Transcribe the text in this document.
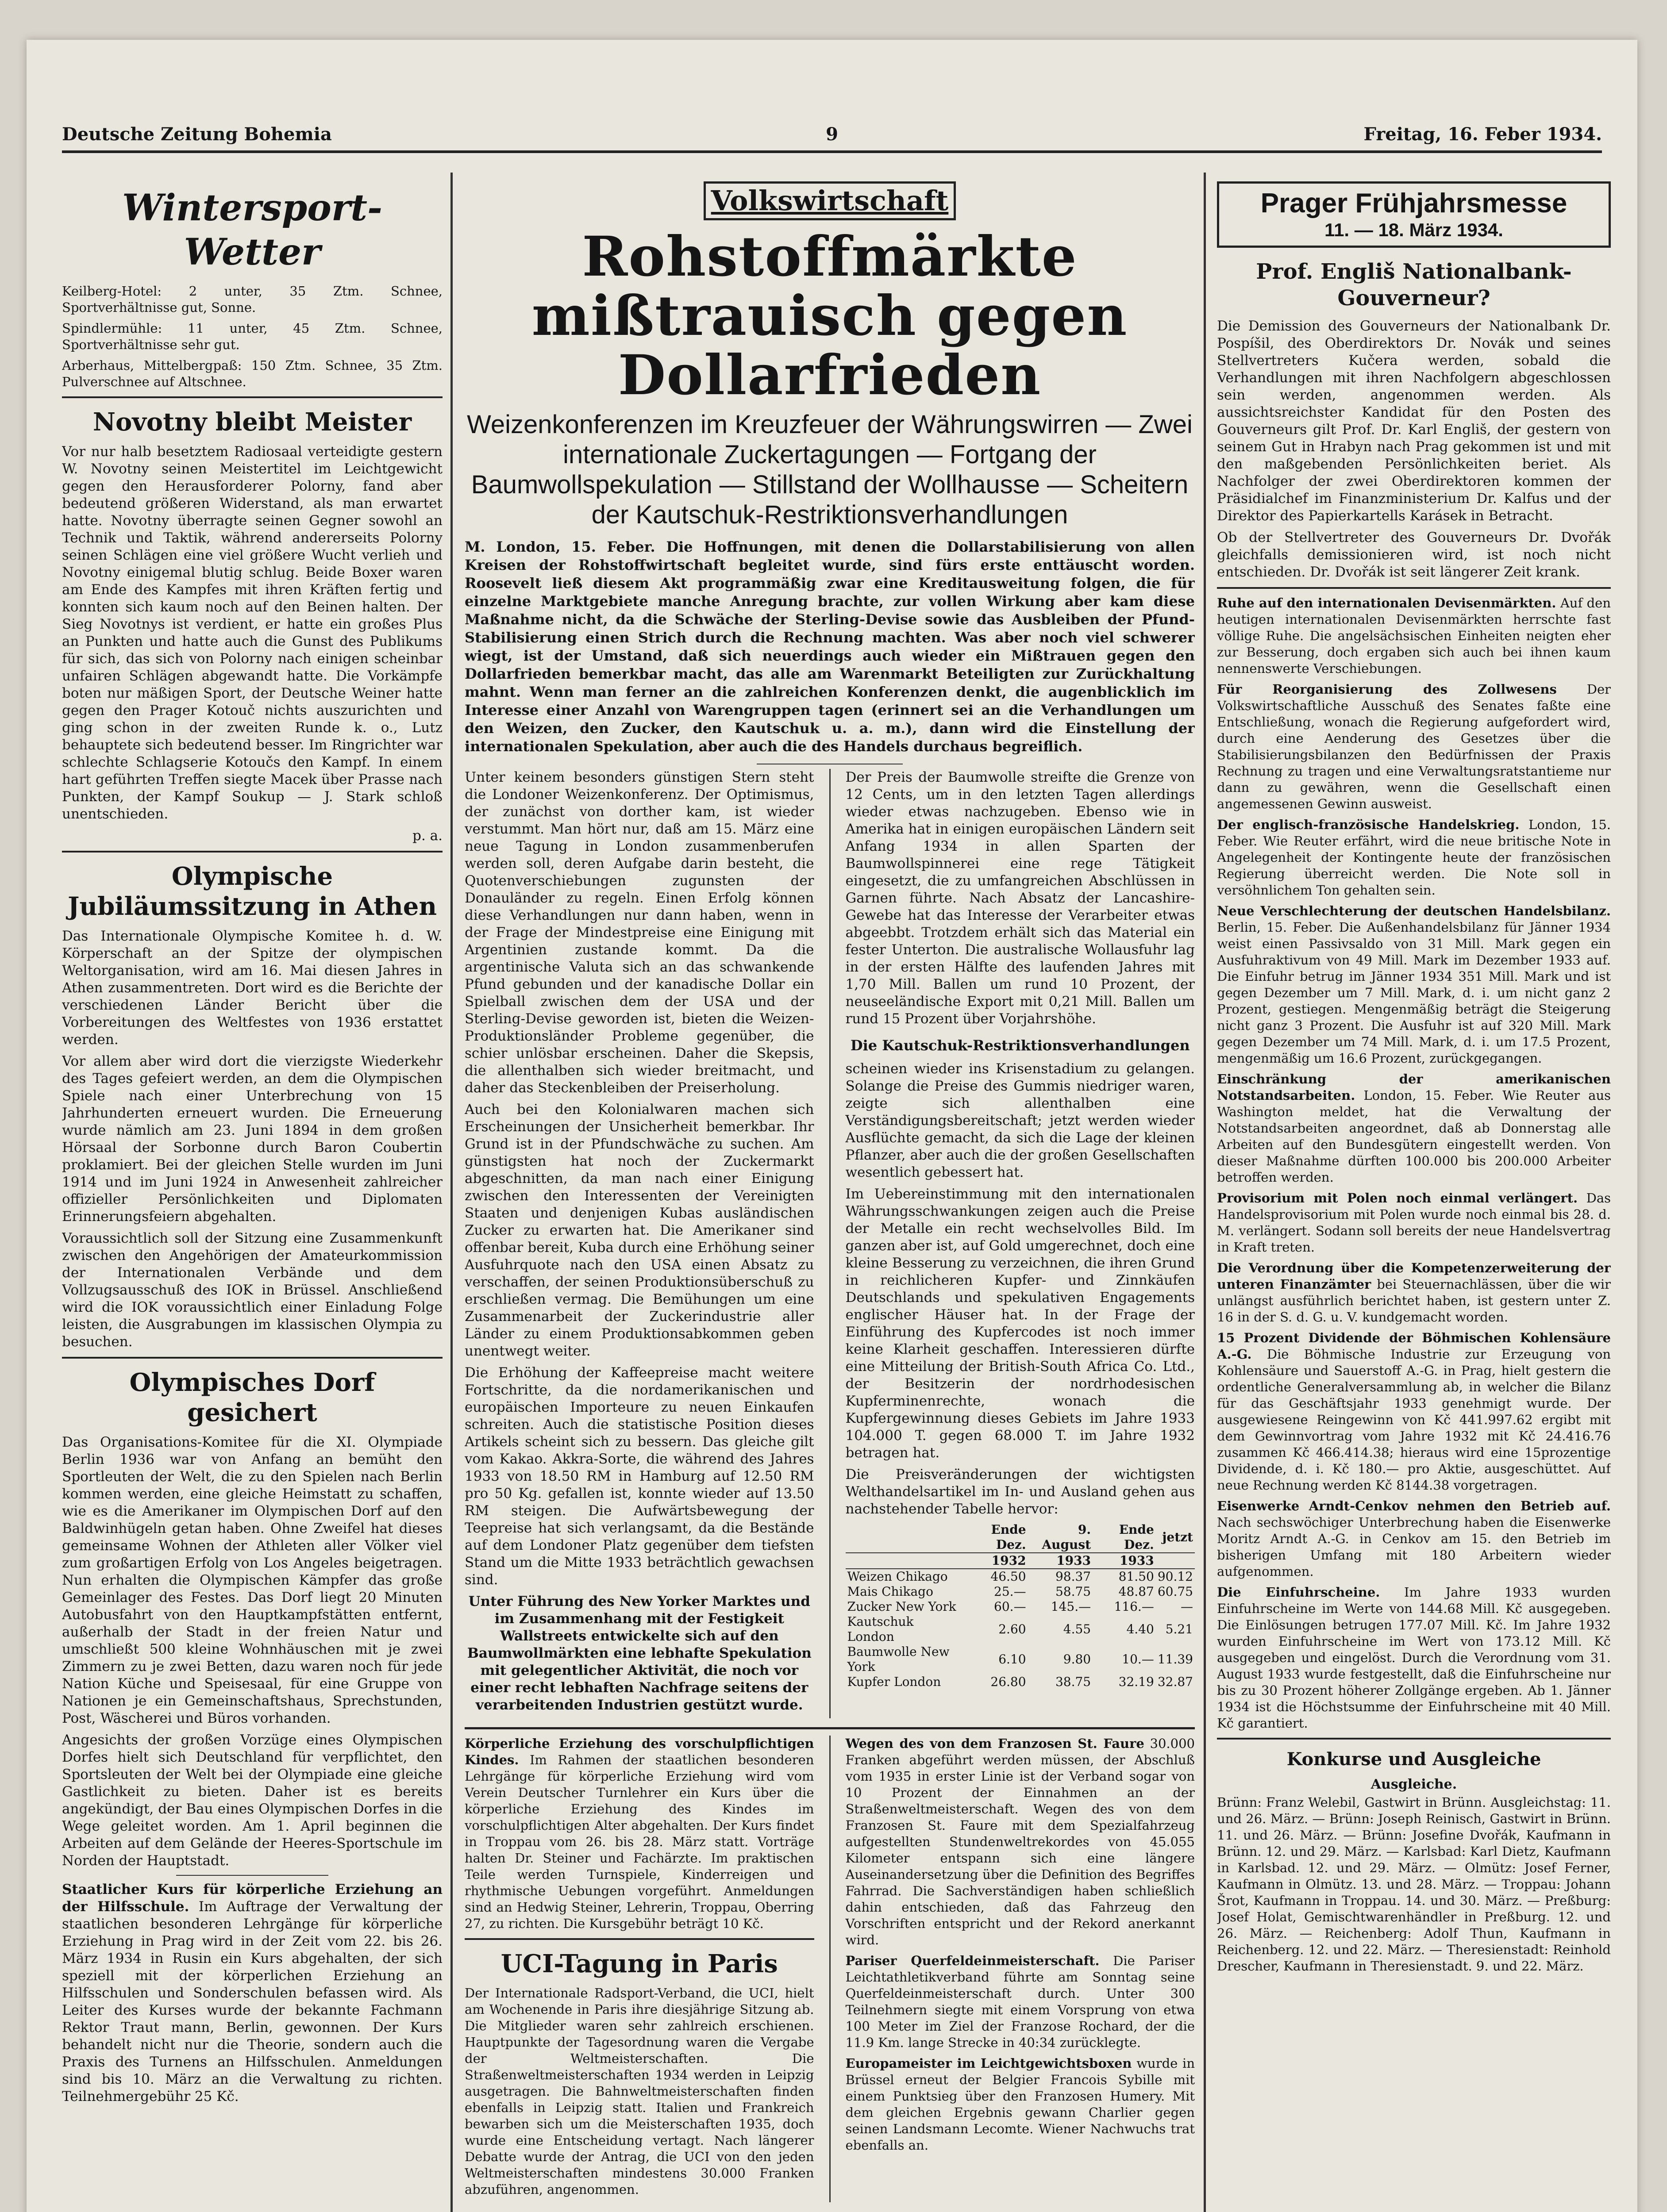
Deutsche Zeitung Bohemia	9	Freitag, 16. Feber 1934.
Wintersport-Wetter

Keilberg-Hotel: 2 unter, 35 Ztm. Schnee, Sportverhältnisse gut, Sonne.

Spindlermühle: 11 unter, 45 Ztm. Schnee, Sportverhältnisse sehr gut.

Arberhaus, Mittelbergpaß: 150 Ztm. Schnee, 35 Ztm. Pulverschnee auf Altschnee.

Novotny bleibt Meister

Vor nur halb besetztem Radiosaal verteidigte gestern W. Novotny seinen Meistertitel im Leichtgewicht gegen den Herausforderer Polorny, fand aber bedeutend größeren Widerstand, als man erwartet hatte. Novotny überragte seinen Gegner sowohl an Technik und Taktik, während andererseits Polorny seinen Schlägen eine viel größere Wucht verlieh und Novotny einigemal blutig schlug. Beide Boxer waren am Ende des Kampfes mit ihren Kräften fertig und konnten sich kaum noch auf den Beinen halten. Der Sieg Novotnys ist verdient, er hatte ein großes Plus an Punkten und hatte auch die Gunst des Publikums für sich, das sich von Polorny nach einigen scheinbar unfairen Schlägen abgewandt hatte. Die Vorkämpfe boten nur mäßigen Sport, der Deutsche Weiner hatte gegen den Prager Kotouč nichts auszurichten und ging schon in der zweiten Runde k. o., Lutz behauptete sich bedeutend besser. Im Ringrichter war schlechte Schlagserie Kotoučs den Kampf. In einem hart geführten Treffen siegte Macek über Prasse nach Punkten, der Kampf Soukup — J. Stark schloß unentschieden.

p. a.

Olympische Jubiläumssitzung in Athen

Das Internationale Olympische Komitee h. d. W. Körperschaft an der Spitze der olympischen Weltorganisation, wird am 16. Mai diesen Jahres in Athen zusammentreten. Dort wird es die Berichte der verschiedenen Länder Bericht über die Vorbereitungen des Weltfestes von 1936 erstattet werden.

Vor allem aber wird dort die vierzigste Wiederkehr des Tages gefeiert werden, an dem die Olympischen Spiele nach einer Unterbrechung von 15 Jahrhunderten erneuert wurden. Die Erneuerung wurde nämlich am 23. Juni 1894 in dem großen Hörsaal der Sorbonne durch Baron Coubertin proklamiert. Bei der gleichen Stelle wurden im Juni 1914 und im Juni 1924 in Anwesenheit zahlreicher offizieller Persönlichkeiten und Diplomaten Erinnerungsfeiern abgehalten.

Voraussichtlich soll der Sitzung eine Zusammenkunft zwischen den Angehörigen der Amateurkommission der Internationalen Verbände und dem Vollzugsausschuß des IOK in Brüssel. Anschließend wird die IOK voraussichtlich einer Einladung Folge leisten, die Ausgrabungen im klassischen Olympia zu besuchen.

Olympisches Dorf gesichert

Das Organisations-Komitee für die XI. Olympiade Berlin 1936 war von Anfang an bemüht den Sportleuten der Welt, die zu den Spielen nach Berlin kommen werden, eine gleiche Heimstatt zu schaffen, wie es die Amerikaner im Olympischen Dorf auf den Baldwinhügeln getan haben. Ohne Zweifel hat dieses gemeinsame Wohnen der Athleten aller Völker viel zum großartigen Erfolg von Los Angeles beigetragen. Nun erhalten die Olympischen Kämpfer das große Gemeinlager des Festes. Das Dorf liegt 20 Minuten Autobusfahrt von den Hauptkampfstätten entfernt, außerhalb der Stadt in der freien Natur und umschließt 500 kleine Wohnhäuschen mit je zwei Zimmern zu je zwei Betten, dazu waren noch für jede Nation Küche und Speisesaal, für eine Gruppe von Nationen je ein Gemeinschaftshaus, Sprechstunden, Post, Wäscherei und Büros vorhanden.

Angesichts der großen Vorzüge eines Olympischen Dorfes hielt sich Deutschland für verpflichtet, den Sportsleuten der Welt bei der Olympiade eine gleiche Gastlichkeit zu bieten. Daher ist es bereits angekündigt, der Bau eines Olympischen Dorfes in die Wege geleitet worden. Am 1. April beginnen die Arbeiten auf dem Gelände der Heeres-Sportschule im Norden der Hauptstadt.

Staatlicher Kurs für körperliche Erziehung an der Hilfsschule. Im Auftrage der Verwaltung der staatlichen besonderen Lehrgänge für körperliche Erziehung in Prag wird in der Zeit vom 22. bis 26. März 1934 in Rusin ein Kurs abgehalten, der sich speziell mit der körperlichen Erziehung an Hilfsschulen und Sonderschulen befassen wird. Als Leiter des Kurses wurde der bekannte Fachmann Rektor Traut mann, Berlin, gewonnen. Der Kurs behandelt nicht nur die Theorie, sondern auch die Praxis des Turnens an Hilfsschulen. Anmeldungen sind bis 10. März an die Verwaltung zu richten. Teilnehmergebühr 25 Kč.

Volkswirtschaft
Rohstoffmärkte mißtrauisch gegen Dollarfrieden
Weizenkonferenzen im Kreuzfeuer der Währungswirren — Zwei internationale Zuckertagungen — Fortgang der Baumwollspekulation — Stillstand der Wollhausse — Scheitern der Kautschuk-Restriktionsverhandlungen

M. London, 15. Feber. Die Hoffnungen, mit denen die Dollarstabilisierung von allen Kreisen der Rohstoffwirtschaft begleitet wurde, sind fürs erste enttäuscht worden. Roosevelt ließ diesem Akt programmäßig zwar eine Kreditausweitung folgen, die für einzelne Marktgebiete manche Anregung brachte, zur vollen Wirkung aber kam diese Maßnahme nicht, da die Schwäche der Sterling-Devise sowie das Ausbleiben der Pfund-Stabilisierung einen Strich durch die Rechnung machten. Was aber noch viel schwerer wiegt, ist der Umstand, daß sich neuerdings auch wieder ein Mißtrauen gegen den Dollarfrieden bemerkbar macht, das alle am Warenmarkt Beteiligten zur Zurückhaltung mahnt. Wenn man ferner an die zahlreichen Konferenzen denkt, die augenblicklich im Interesse einer Anzahl von Warengruppen tagen (erinnert sei an die Verhandlungen um den Weizen, den Zucker, den Kautschuk u. a. m.), dann wird die Einstellung der internationalen Spekulation, aber auch die des Handels durchaus begreiflich.

Unter keinem besonders günstigen Stern steht die Londoner Weizenkonferenz. Der Optimismus, der zunächst von dorther kam, ist wieder verstummt. Man hört nur, daß am 15. März eine neue Tagung in London zusammenberufen werden soll, deren Aufgabe darin besteht, die Quotenverschiebungen zugunsten der Donauländer zu regeln. Einen Erfolg können diese Verhandlungen nur dann haben, wenn in der Frage der Mindestpreise eine Einigung mit Argentinien zustande kommt. Da die argentinische Valuta sich an das schwankende Pfund gebunden und der kanadische Dollar ein Spielball zwischen dem der USA und der Sterling-Devise geworden ist, bieten die Weizen-Produktionsländer Probleme gegenüber, die schier unlösbar erscheinen. Daher die Skepsis, die allenthalben sich wieder breitmacht, und daher das Steckenbleiben der Preiserholung.

Auch bei den Kolonialwaren machen sich Erscheinungen der Unsicherheit bemerkbar. Ihr Grund ist in der Pfundschwäche zu suchen. Am günstigsten hat noch der Zuckermarkt abgeschnitten, da man nach einer Einigung zwischen den Interessenten der Vereinigten Staaten und denjenigen Kubas ausländischen Zucker zu erwarten hat. Die Amerikaner sind offenbar bereit, Kuba durch eine Erhöhung seiner Ausfuhrquote nach den USA einen Absatz zu verschaffen, der seinen Produktionsüberschuß zu erschließen vermag. Die Bemühungen um eine Zusammenarbeit der Zuckerindustrie aller Länder zu einem Produktionsabkommen geben unentwegt weiter.

Die Erhöhung der Kaffeepreise macht weitere Fortschritte, da die nordamerikanischen und europäischen Importeure zu neuen Einkaufen schreiten. Auch die statistische Position dieses Artikels scheint sich zu bessern. Das gleiche gilt vom Kakao. Akkra-Sorte, die während des Jahres 1933 von 18.50 RM in Hamburg auf 12.50 RM pro 50 Kg. gefallen ist, konnte wieder auf 13.50 RM steigen. Die Aufwärtsbewegung der Teepreise hat sich verlangsamt, da die Bestände auf dem Londoner Platz gegenüber dem tiefsten Stand um die Mitte 1933 beträchtlich gewachsen sind.

Unter Führung des New Yorker Marktes und im Zusammenhang mit der Festigkeit Wallstreets entwickelte sich auf den Baumwollmärkten eine lebhafte Spekulation mit gelegentlicher Aktivität, die noch vor einer recht lebhaften Nachfrage seitens der verarbeitenden Industrien gestützt wurde.

Der Preis der Baumwolle streifte die Grenze von 12 Cents, um in den letzten Tagen allerdings wieder etwas nachzugeben. Ebenso wie in Amerika hat in einigen europäischen Ländern seit Anfang 1934 in allen Sparten der Baumwollspinnerei eine rege Tätigkeit eingesetzt, die zu umfangreichen Abschlüssen in Garnen führte. Nach Absatz der Lancashire-Gewebe hat das Interesse der Verarbeiter etwas abgeebbt. Trotzdem erhält sich das Material ein fester Unterton. Die australische Wollausfuhr lag in der ersten Hälfte des laufenden Jahres mit 1,70 Mill. Ballen um rund 10 Prozent, der neuseeländische Export mit 0,21 Mill. Ballen um rund 15 Prozent über Vorjahrshöhe.

Die Kautschuk-Restriktionsverhandlungen

scheinen wieder ins Krisenstadium zu gelangen. Solange die Preise des Gummis niedriger waren, zeigte sich allenthalben eine Verständigungsbereitschaft; jetzt werden wieder Ausflüchte gemacht, da sich die Lage der kleinen Pflanzer, aber auch die der großen Gesellschaften wesentlich gebessert hat.

Im Uebereinstimmung mit den internationalen Währungsschwankungen zeigen auch die Preise der Metalle ein recht wechselvolles Bild. Im ganzen aber ist, auf Gold umgerechnet, doch eine kleine Besserung zu verzeichnen, die ihren Grund in reichlicheren Kupfer- und Zinnkäufen Deutschlands und spekulativen Engagements englischer Häuser hat. In der Frage der Einführung des Kupfercodes ist noch immer keine Klarheit geschaffen. Interessieren dürfte eine Mitteilung der British-South Africa Co. Ltd., der Besitzerin der nordrhodesischen Kupferminenrechte, wonach die Kupfergewinnung dieses Gebiets im Jahre 1933 104.000 T. gegen 68.000 T. im Jahre 1932 betragen hat.

Die Preisveränderungen der wichtigsten Welthandelsartikel im In- und Ausland gehen aus nachstehender Tabelle hervor:

	Ende Dez.	9. August	Ende Dez.	jetzt
	1932	1933	1933	
Weizen Chikago	46.50	98.37	81.50	90.12
Mais Chikago	25.—	58.75	48.87	60.75
Zucker New York	60.—	145.—	116.—	—
Kautschuk London	2.60	4.55	4.40	5.21
Baumwolle New York	6.10	9.80	10.—	11.39
Kupfer London	26.80	38.75	32.19	32.87

Körperliche Erziehung des vorschulpflichtigen Kindes. Im Rahmen der staatlichen besonderen Lehrgänge für körperliche Erziehung wird vom Verein Deutscher Turnlehrer ein Kurs über die körperliche Erziehung des Kindes im vorschulpflichtigen Alter abgehalten. Der Kurs findet in Troppau vom 26. bis 28. März statt. Vorträge halten Dr. Steiner und Fachärzte. Im praktischen Teile werden Turnspiele, Kinderreigen und rhythmische Uebungen vorgeführt. Anmeldungen sind an Hedwig Steiner, Lehrerin, Troppau, Oberring 27, zu richten. Die Kursgebühr beträgt 10 Kč.

UCI-Tagung in Paris

Der Internationale Radsport-Verband, die UCI, hielt am Wochenende in Paris ihre diesjährige Sitzung ab. Die Mitglieder waren sehr zahlreich erschienen. Hauptpunkte der Tagesordnung waren die Vergabe der Weltmeisterschaften. Die Straßenweltmeisterschaften 1934 werden in Leipzig ausgetragen. Die Bahnweltmeisterschaften finden ebenfalls in Leipzig statt. Italien und Frankreich bewarben sich um die Meisterschaften 1935, doch wurde eine Entscheidung vertagt. Nach längerer Debatte wurde der Antrag, die UCI von den jeden Weltmeisterschaften mindestens 30.000 Franken abzuführen, angenommen.

Wegen des von dem Franzosen St. Faure 30.000 Franken abgeführt werden müssen, der Abschluß vom 1935 in erster Linie ist der Verband sogar von 10 Prozent der Einnahmen an der Straßenweltmeisterschaft. Wegen des von dem Franzosen St. Faure mit dem Spezialfahrzeug aufgestellten Stundenweltrekordes von 45.055 Kilometer entspann sich eine längere Auseinandersetzung über die Definition des Begriffes Fahrrad. Die Sachverständigen haben schließlich dahin entschieden, daß das Fahrzeug den Vorschriften entspricht und der Rekord anerkannt wird.

Pariser Querfeldeinmeisterschaft. Die Pariser Leichtathletikverband führte am Sonntag seine Querfeldeinmeisterschaft durch. Unter 300 Teilnehmern siegte mit einem Vorsprung von etwa 100 Meter im Ziel der Franzose Rochard, der die 11.9 Km. lange Strecke in 40:34 zurücklegte.

Europameister im Leichtgewichtsboxen wurde in Brüssel erneut der Belgier Francois Sybille mit einem Punktsieg über den Franzosen Humery. Mit dem gleichen Ergebnis gewann Charlier gegen seinen Landsmann Lecomte. Wiener Nachwuchs trat ebenfalls an.

Prager Frühjahrsmesse
11. — 18. März 1934.
Prof. Engliš Nationalbank-Gouverneur?

Die Demission des Gouverneurs der Nationalbank Dr. Pospíšil, des Oberdirektors Dr. Novák und seines Stellvertreters Kučera werden, sobald die Verhandlungen mit ihren Nachfolgern abgeschlossen sein werden, angenommen werden. Als aussichtsreichster Kandidat für den Posten des Gouverneurs gilt Prof. Dr. Karl Engliš, der gestern von seinem Gut in Hrabyn nach Prag gekommen ist und mit den maßgebenden Persönlichkeiten beriet. Als Nachfolger der zwei Oberdirektoren kommen der Präsidialchef im Finanzministerium Dr. Kalfus und der Direktor des Papierkartells Karásek in Betracht.

Ob der Stellvertreter des Gouverneurs Dr. Dvořák gleichfalls demissionieren wird, ist noch nicht entschieden. Dr. Dvořák ist seit längerer Zeit krank.

Ruhe auf den internationalen Devisenmärkten. Auf den heutigen internationalen Devisenmärkten herrschte fast völlige Ruhe. Die angelsächsischen Einheiten neigten eher zur Besserung, doch ergaben sich auch bei ihnen kaum nennenswerte Verschiebungen.

Für Reorganisierung des Zollwesens Der Volkswirtschaftliche Ausschuß des Senates faßte eine Entschließung, wonach die Regierung aufgefordert wird, durch eine Aenderung des Gesetzes über die Stabilisierungsbilanzen den Bedürfnissen der Praxis Rechnung zu tragen und eine Verwaltungsratstantieme nur dann zu gewähren, wenn die Gesellschaft einen angemessenen Gewinn ausweist.

Der englisch-französische Handelskrieg. London, 15. Feber. Wie Reuter erfährt, wird die neue britische Note in Angelegenheit der Kontingente heute der französischen Regierung überreicht werden. Die Note soll in versöhnlichem Ton gehalten sein.

Neue Verschlechterung der deutschen Handelsbilanz. Berlin, 15. Feber. Die Außenhandelsbilanz für Jänner 1934 weist einen Passivsaldo von 31 Mill. Mark gegen ein Ausfuhraktivum von 49 Mill. Mark im Dezember 1933 auf. Die Einfuhr betrug im Jänner 1934 351 Mill. Mark und ist gegen Dezember um 7 Mill. Mark, d. i. um nicht ganz 2 Prozent, gestiegen. Mengenmäßig beträgt die Steigerung nicht ganz 3 Prozent. Die Ausfuhr ist auf 320 Mill. Mark gegen Dezember um 74 Mill. Mark, d. i. um 17.5 Prozent, mengenmäßig um 16.6 Prozent, zurückgegangen.

Einschränkung der amerikanischen Notstandsarbeiten. London, 15. Feber. Wie Reuter aus Washington meldet, hat die Verwaltung der Notstandsarbeiten angeordnet, daß ab Donnerstag alle Arbeiten auf den Bundesgütern eingestellt werden. Von dieser Maßnahme dürften 100.000 bis 200.000 Arbeiter betroffen werden.

Provisorium mit Polen noch einmal verlängert. Das Handelsprovisorium mit Polen wurde noch einmal bis 28. d. M. verlängert. Sodann soll bereits der neue Handelsvertrag in Kraft treten.

Die Verordnung über die Kompetenzerweiterung der unteren Finanzämter bei Steuernachlässen, über die wir unlängst ausführlich berichtet haben, ist gestern unter Z. 16 in der S. d. G. u. V. kundgemacht worden.

15 Prozent Dividende der Böhmischen Kohlensäure A.-G. Die Böhmische Industrie zur Erzeugung von Kohlensäure und Sauerstoff A.-G. in Prag, hielt gestern die ordentliche Generalversammlung ab, in welcher die Bilanz für das Geschäftsjahr 1933 genehmigt wurde. Der ausgewiesene Reingewinn von Kč 441.997.62 ergibt mit dem Gewinnvortrag vom Jahre 1932 mit Kč 24.416.76 zusammen Kč 466.414.38; hieraus wird eine 15prozentige Dividende, d. i. Kč 180.— pro Aktie, ausgeschüttet. Auf neue Rechnung werden Kč 8144.38 vorgetragen.

Eisenwerke Arndt-Cenkov nehmen den Betrieb auf. Nach sechswöchiger Unterbrechung haben die Eisenwerke Moritz Arndt A.-G. in Cenkov am 15. den Betrieb im bisherigen Umfang mit 180 Arbeitern wieder aufgenommen.

Die Einfuhrscheine. Im Jahre 1933 wurden Einfuhrscheine im Werte von 144.68 Mill. Kč ausgegeben. Die Einlösungen betrugen 177.07 Mill. Kč. Im Jahre 1932 wurden Einfuhrscheine im Wert von 173.12 Mill. Kč ausgegeben und eingelöst. Durch die Verordnung vom 31. August 1933 wurde festgestellt, daß die Einfuhrscheine nur bis zu 30 Prozent höherer Zollgänge ergeben. Ab 1. Jänner 1934 ist die Höchstsumme der Einfuhrscheine mit 40 Mill. Kč garantiert.

Konkurse und Ausgleiche
Ausgleiche.

Brünn: Franz Welebil, Gastwirt in Brünn. Ausgleichstag: 11. und 26. März. — Brünn: Joseph Reinisch, Gastwirt in Brünn. 11. und 26. März. — Brünn: Josefine Dvořák, Kaufmann in Brünn. 12. und 29. März. — Karlsbad: Karl Dietz, Kaufmann in Karlsbad. 12. und 29. März. — Olmütz: Josef Ferner, Kaufmann in Olmütz. 13. und 28. März. — Troppau: Johann Šrot, Kaufmann in Troppau. 14. und 30. März. — Preßburg: Josef Holat, Gemischtwarenhändler in Preßburg. 12. und 26. März. — Reichenberg: Adolf Thun, Kaufmann in Reichenberg. 12. und 22. März. — Theresienstadt: Reinhold Drescher, Kaufmann in Theresienstadt. 9. und 22. März.
